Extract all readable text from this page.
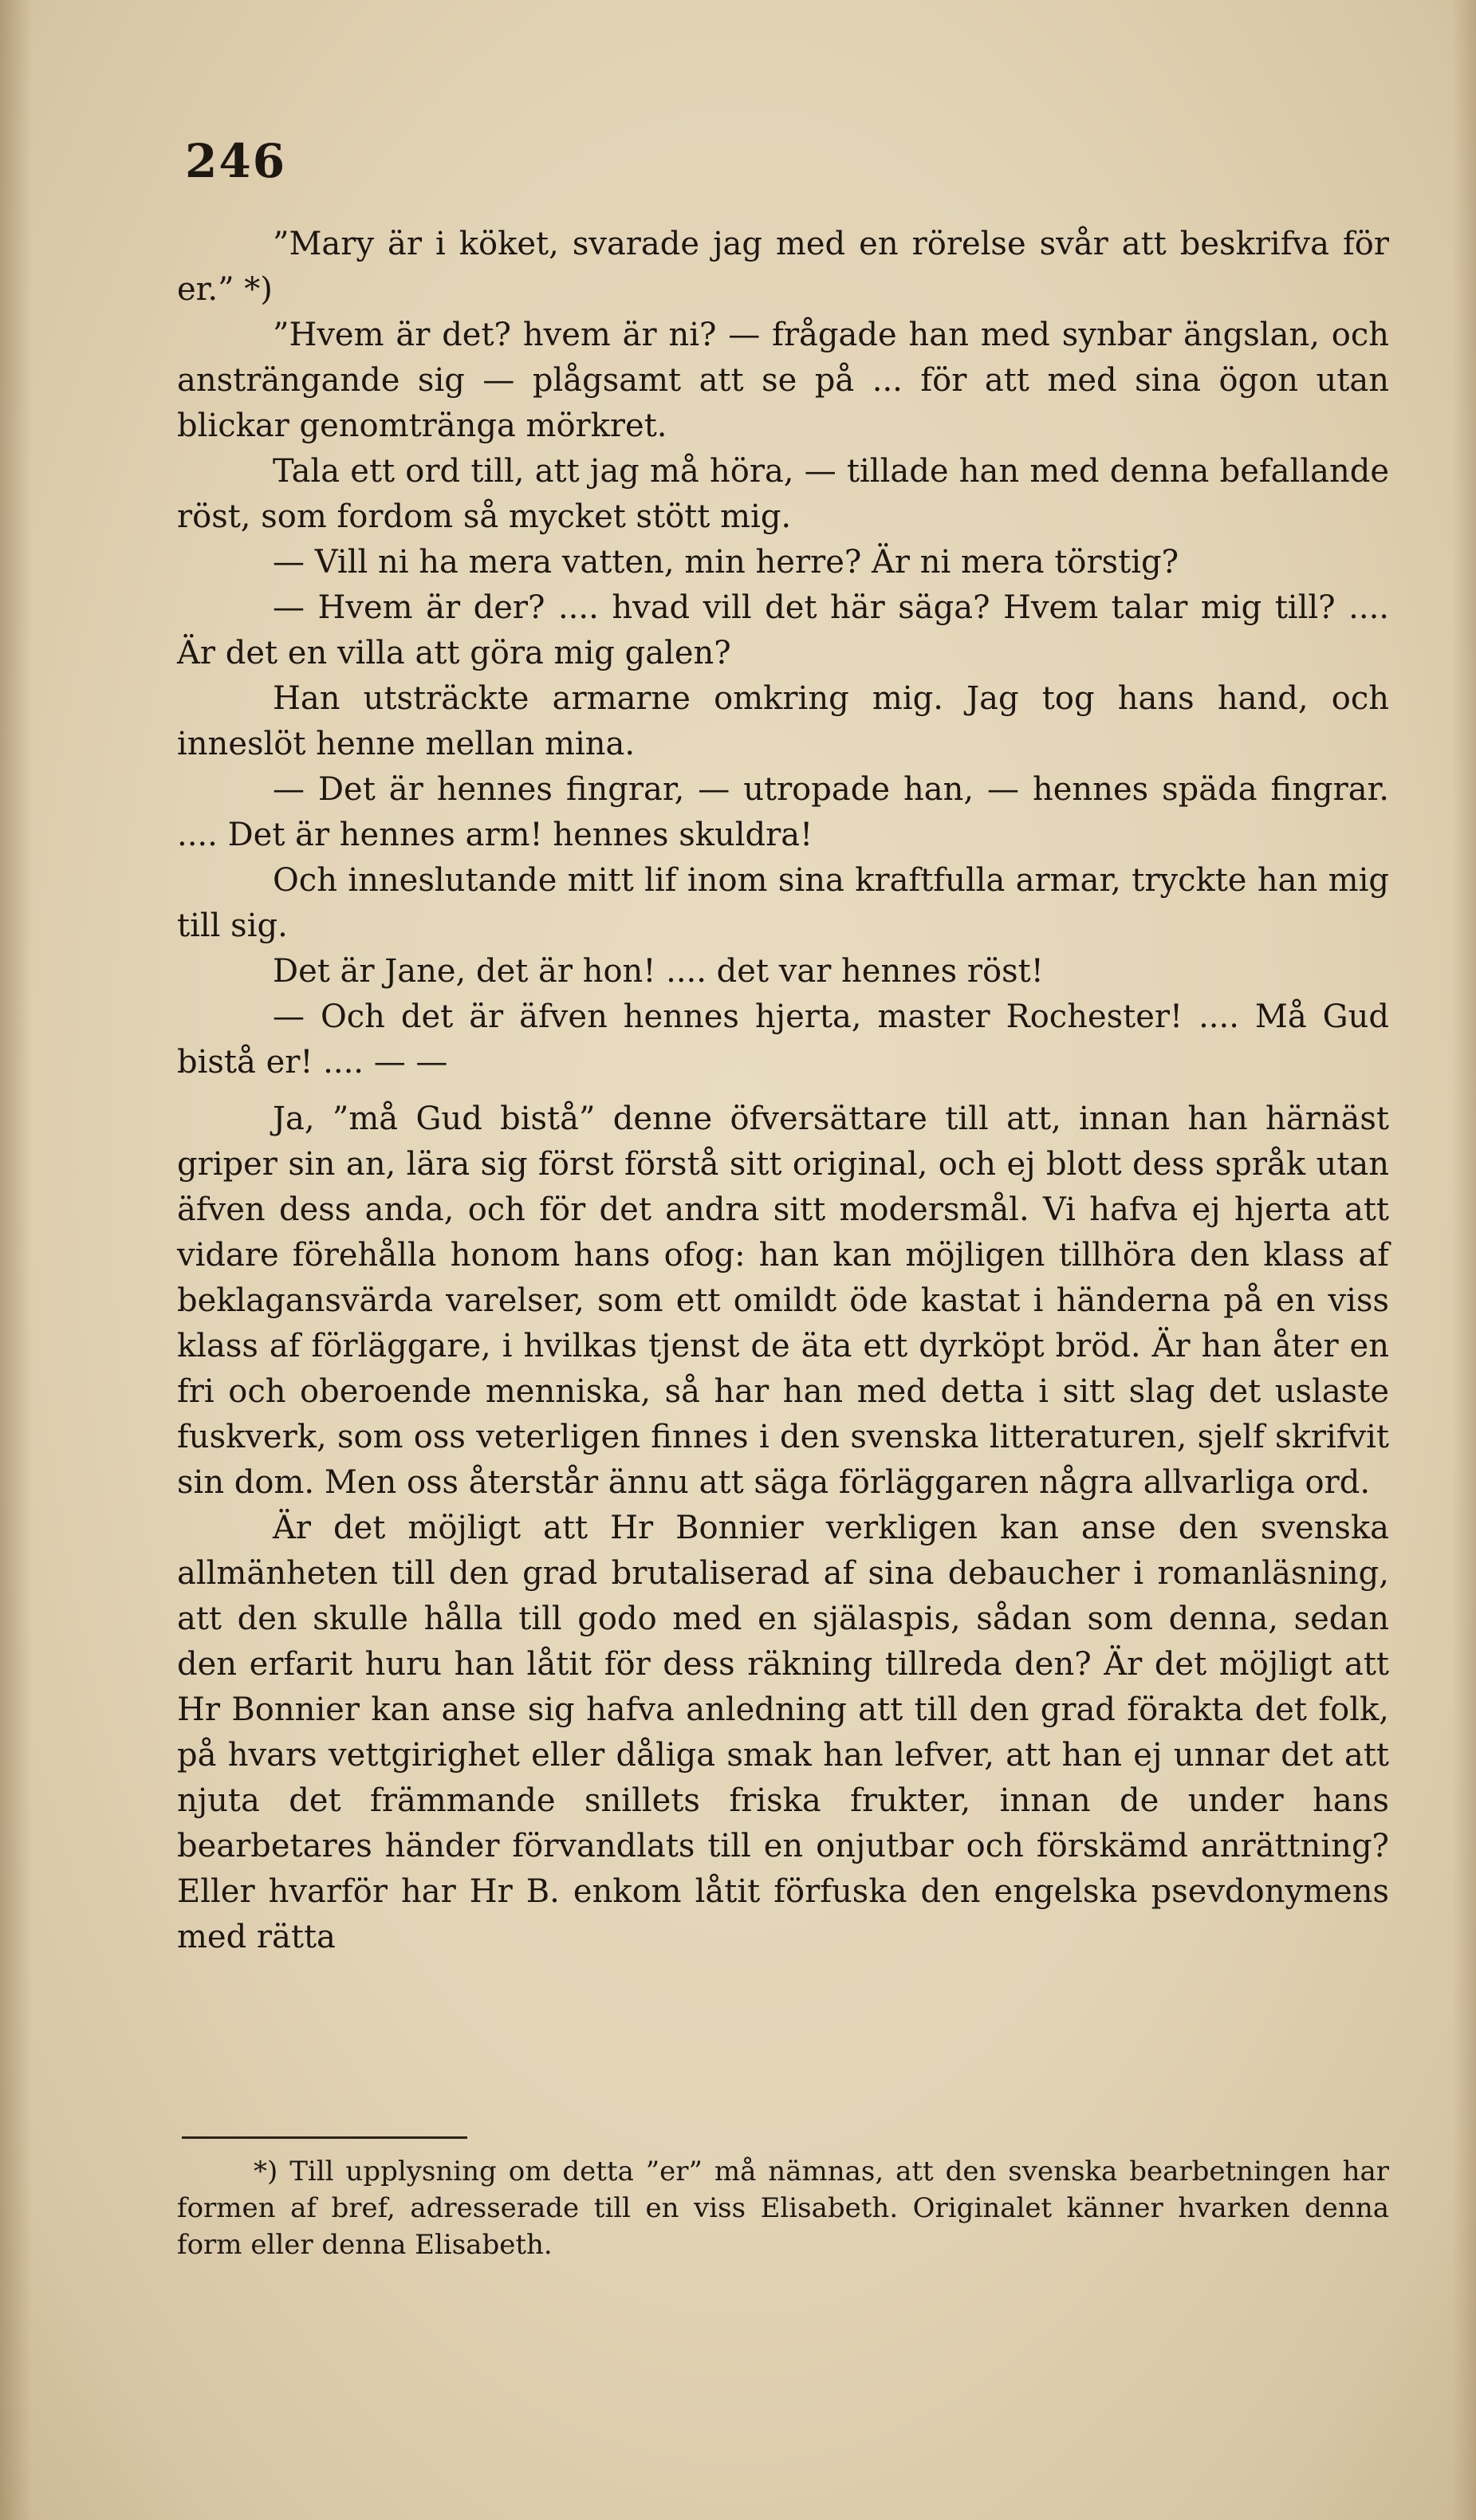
246

”Mary är i köket, svarade jag med en rörelse svår att beskrifva för er.” *)

”Hvem är det? hvem är ni? — frågade han med synbar ängslan, och ansträngande sig — plågsamt att se på ... för att med sina ögon utan blickar genomtränga mörkret.

Tala ett ord till, att jag må höra, — tillade han med denna befallande röst, som fordom så mycket stött mig.

— Vill ni ha mera vatten, min herre? Är ni mera törstig?

— Hvem är der? .... hvad vill det här säga? Hvem talar mig till? .... Är det en villa att göra mig galen?

Han utsträckte armarne omkring mig. Jag tog hans hand, och inneslöt henne mellan mina.

— Det är hennes fingrar, — utropade han, — hennes späda fingrar. .... Det är hennes arm! hennes skuldra!

Och inneslutande mitt lif inom sina kraftfulla armar, tryckte han mig till sig.

Det är Jane, det är hon! .... det var hennes röst!

— Och det är äfven hennes hjerta, master Rochester! .... Må Gud bistå er! .... — —

Ja, ”må Gud bistå” denne öfversättare till att, innan han härnäst griper sin an, lära sig först förstå sitt original, och ej blott dess språk utan äfven dess anda, och för det andra sitt modersmål. Vi hafva ej hjerta att vidare förehålla honom hans ofog: han kan möjligen tillhöra den klass af beklagansvärda varelser, som ett omildt öde kastat i händerna på en viss klass af förläggare, i hvilkas tjenst de äta ett dyrköpt bröd. Är han åter en fri och oberoende menniska, så har han med detta i sitt slag det uslaste fuskverk, som oss veterligen finnes i den svenska litteraturen, sjelf skrifvit sin dom. Men oss återstår ännu att säga förläggaren några allvarliga ord.

Är det möjligt att Hr Bonnier verkligen kan anse den svenska allmänheten till den grad brutaliserad af sina debaucher i romanläsning, att den skulle hålla till godo med en själaspis, sådan som denna, sedan den erfarit huru han låtit för dess räkning tillreda den? Är det möjligt att Hr Bonnier kan anse sig hafva anledning att till den grad förakta det folk, på hvars vettgirighet eller dåliga smak han lefver, att han ej unnar det att njuta det främmande snillets friska frukter, innan de under hans bearbetares händer förvandlats till en onjutbar och förskämd anrättning? Eller hvarför har Hr B. enkom låtit förfuska den engelska psevdonymens med rätta

*) Till upplysning om detta ”er” må nämnas, att den svenska bearbetningen har formen af bref, adresserade till en viss Elisabeth. Originalet känner hvarken denna form eller denna Elisabeth.
